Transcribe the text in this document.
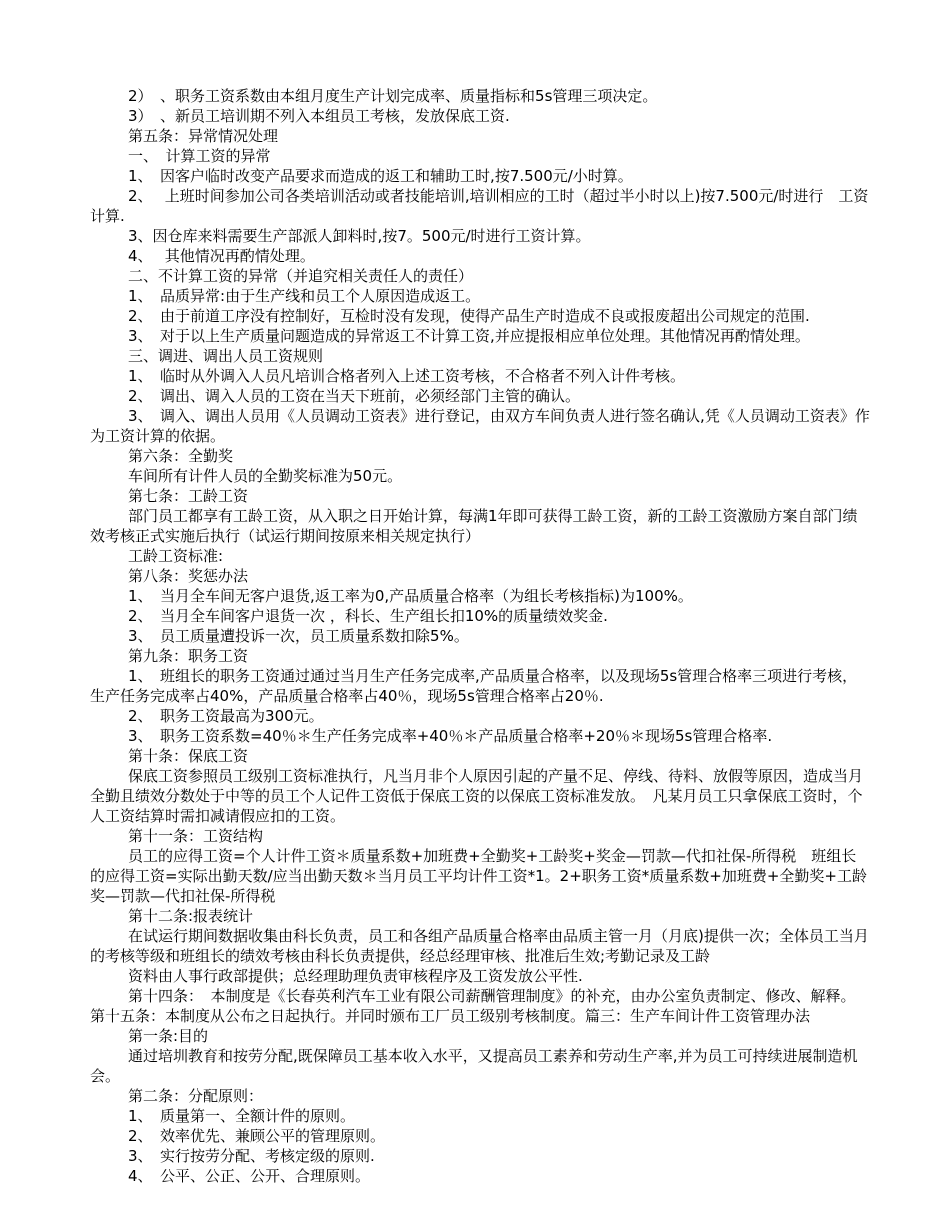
2）　、职务工资系数由本组月度生产计划完成率、质量指标和5s管理三项决定。

3）　、新员工培训期不列入本组员工考核，发放保底工资.

第五条：异常情况处理

一、　计算工资的异常

1、　因客户临时改变产品要求而造成的返工和辅助工时,按7.500元/小时算。

2、　 上班时间参加公司各类培训活动或者技能培训,培训相应的工时（超过半小时以上)按7.500元/时进行　工资计算.

3、因仓库来料需要生产部派人卸料时,按7。500元/时进行工资计算。

4、　 其他情况再酌情处理。

二、不计算工资的异常（并追究相关责任人的责任）

1、　品质异常:由于生产线和员工个人原因造成返工。

2、　由于前道工序没有控制好，互检时没有发现，使得产品生产时造成不良或报废超出公司规定的范围.

3、　对于以上生产质量问题造成的异常返工不计算工资,并应提报相应单位处理。其他情况再酌情处理。

三、调进、调出人员工资规则

1、　临时从外调入人员凡培训合格者列入上述工资考核，不合格者不列入计件考核。

2、　调出、调入人员的工资在当天下班前，必须经部门主管的确认。

3、　调入、调出人员用《人员调动工资表》进行登记，由双方车间负责人进行签名确认,凭《人员调动工资表》作为工资计算的依据。

第六条：全勤奖

车间所有计件人员的全勤奖标准为50元。

第七条：工龄工资

部门员工都享有工龄工资，从入职之日开始计算，每满1年即可获得工龄工资，新的工龄工资激励方案自部门绩效考核正式实施后执行（试运行期间按原来相关规定执行）

工龄工资标准:

第八条：奖惩办法

1、　当月全车间无客户退货,返工率为0,产品质量合格率（为组长考核指标)为100%。

2、　当月全车间客户退货一次 ，科长、生产组长扣10%的质量绩效奖金.

3、　员工质量遭投诉一次，员工质量系数扣除5%。

第九条：职务工资

1、　班组长的职务工资通过通过当月生产任务完成率,产品质量合格率，以及现场5s管理合格率三项进行考核，生产任务完成率占40%，产品质量合格率占40％，现场5s管理合格率占20％.

2、　职务工资最高为300元。

3、　职务工资系数=40％＊生产任务完成率+40％＊产品质量合格率+20％＊现场5s管理合格率.

第十条：保底工资

保底工资参照员工级别工资标准执行，凡当月非个人原因引起的产量不足、停线、待料、放假等原因，造成当月全勤且绩效分数处于中等的员工个人记件工资低于保底工资的以保底工资标准发放。　凡某月员工只拿保底工资时，个人工资结算时需扣减请假应扣的工资。

第十一条：工资结构

员工的应得工资=个人计件工资＊质量系数+加班费+全勤奖+工龄奖+奖金—罚款—代扣社保-所得税　班组长的应得工资=实际出勤天数/应当出勤天数＊当月员工平均计件工资*1。2+职务工资*质量系数+加班费+全勤奖+工龄奖—罚款—代扣社保-所得税

第十二条:报表统计

在试运行期间数据收集由科长负责，员工和各组产品质量合格率由品质主管一月（月底)提供一次；全体员工当月的考核等级和班组长的绩效考核由科长负责提供，经总经理审核、批准后生效;考勤记录及工龄

资料由人事行政部提供；总经理助理负责审核程序及工资发放公平性.

第十四条：　本制度是《长春英利汽车工业有限公司薪酬管理制度》的补充，由办公室负责制定、修改、解释。　第十五条：本制度从公布之日起执行。并同时颁布工厂员工级别考核制度。篇三：生产车间计件工资管理办法

第一条:目的

通过培圳教育和按劳分配,既保障员工基本收入水平，又提高员工素养和劳动生产率,并为员工可持续进展制造机会。

第二条：分配原则：

1、　质量第一、全额计件的原则。

2、　效率优先、兼顾公平的管理原则。

3、　实行按劳分配、考核定级的原则.

4、　公平、公正、公开、合理原则。
